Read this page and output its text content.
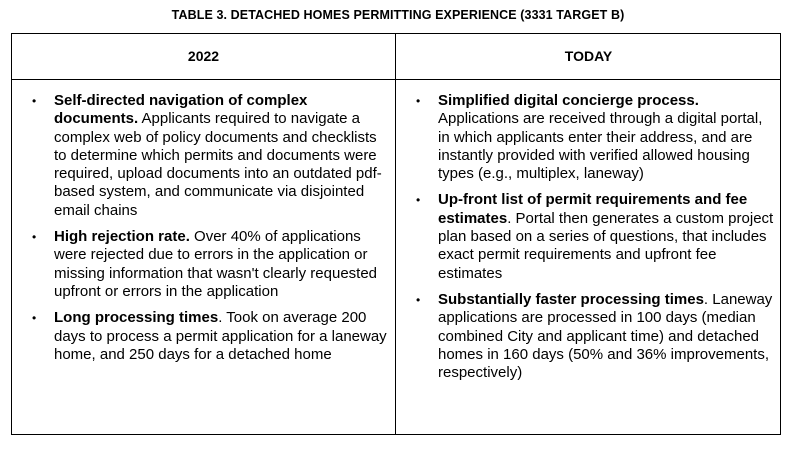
TABLE 3. DETACHED HOMES PERMITTING EXPERIENCE (3331 TARGET B)
2022	TODAY
• Self-directed navigation of complex documents. Applicants required to navigate a complex web of policy documents and checklists to determine which permits and documents were required, upload documents into an outdated pdf-based system, and communicate via disjointed email chains
• High rejection rate. Over 40% of applications were rejected due to errors in the application or missing information that wasn't clearly requested upfront or errors in the application
• Long processing times. Took on average 200 days to process a permit application for a laneway home, and 250 days for a detached home
• Simplified digital concierge process. Applications are received through a digital portal, in which applicants enter their address, and are instantly provided with verified allowed housing types (e.g., multiplex, laneway)
• Up-front list of permit requirements and fee estimates. Portal then generates a custom project plan based on a series of questions, that includes exact permit requirements and upfront fee estimates
• Substantially faster processing times. Laneway applications are processed in 100 days (median combined City and applicant time) and detached homes in 160 days (50% and 36% improvements, respectively)
